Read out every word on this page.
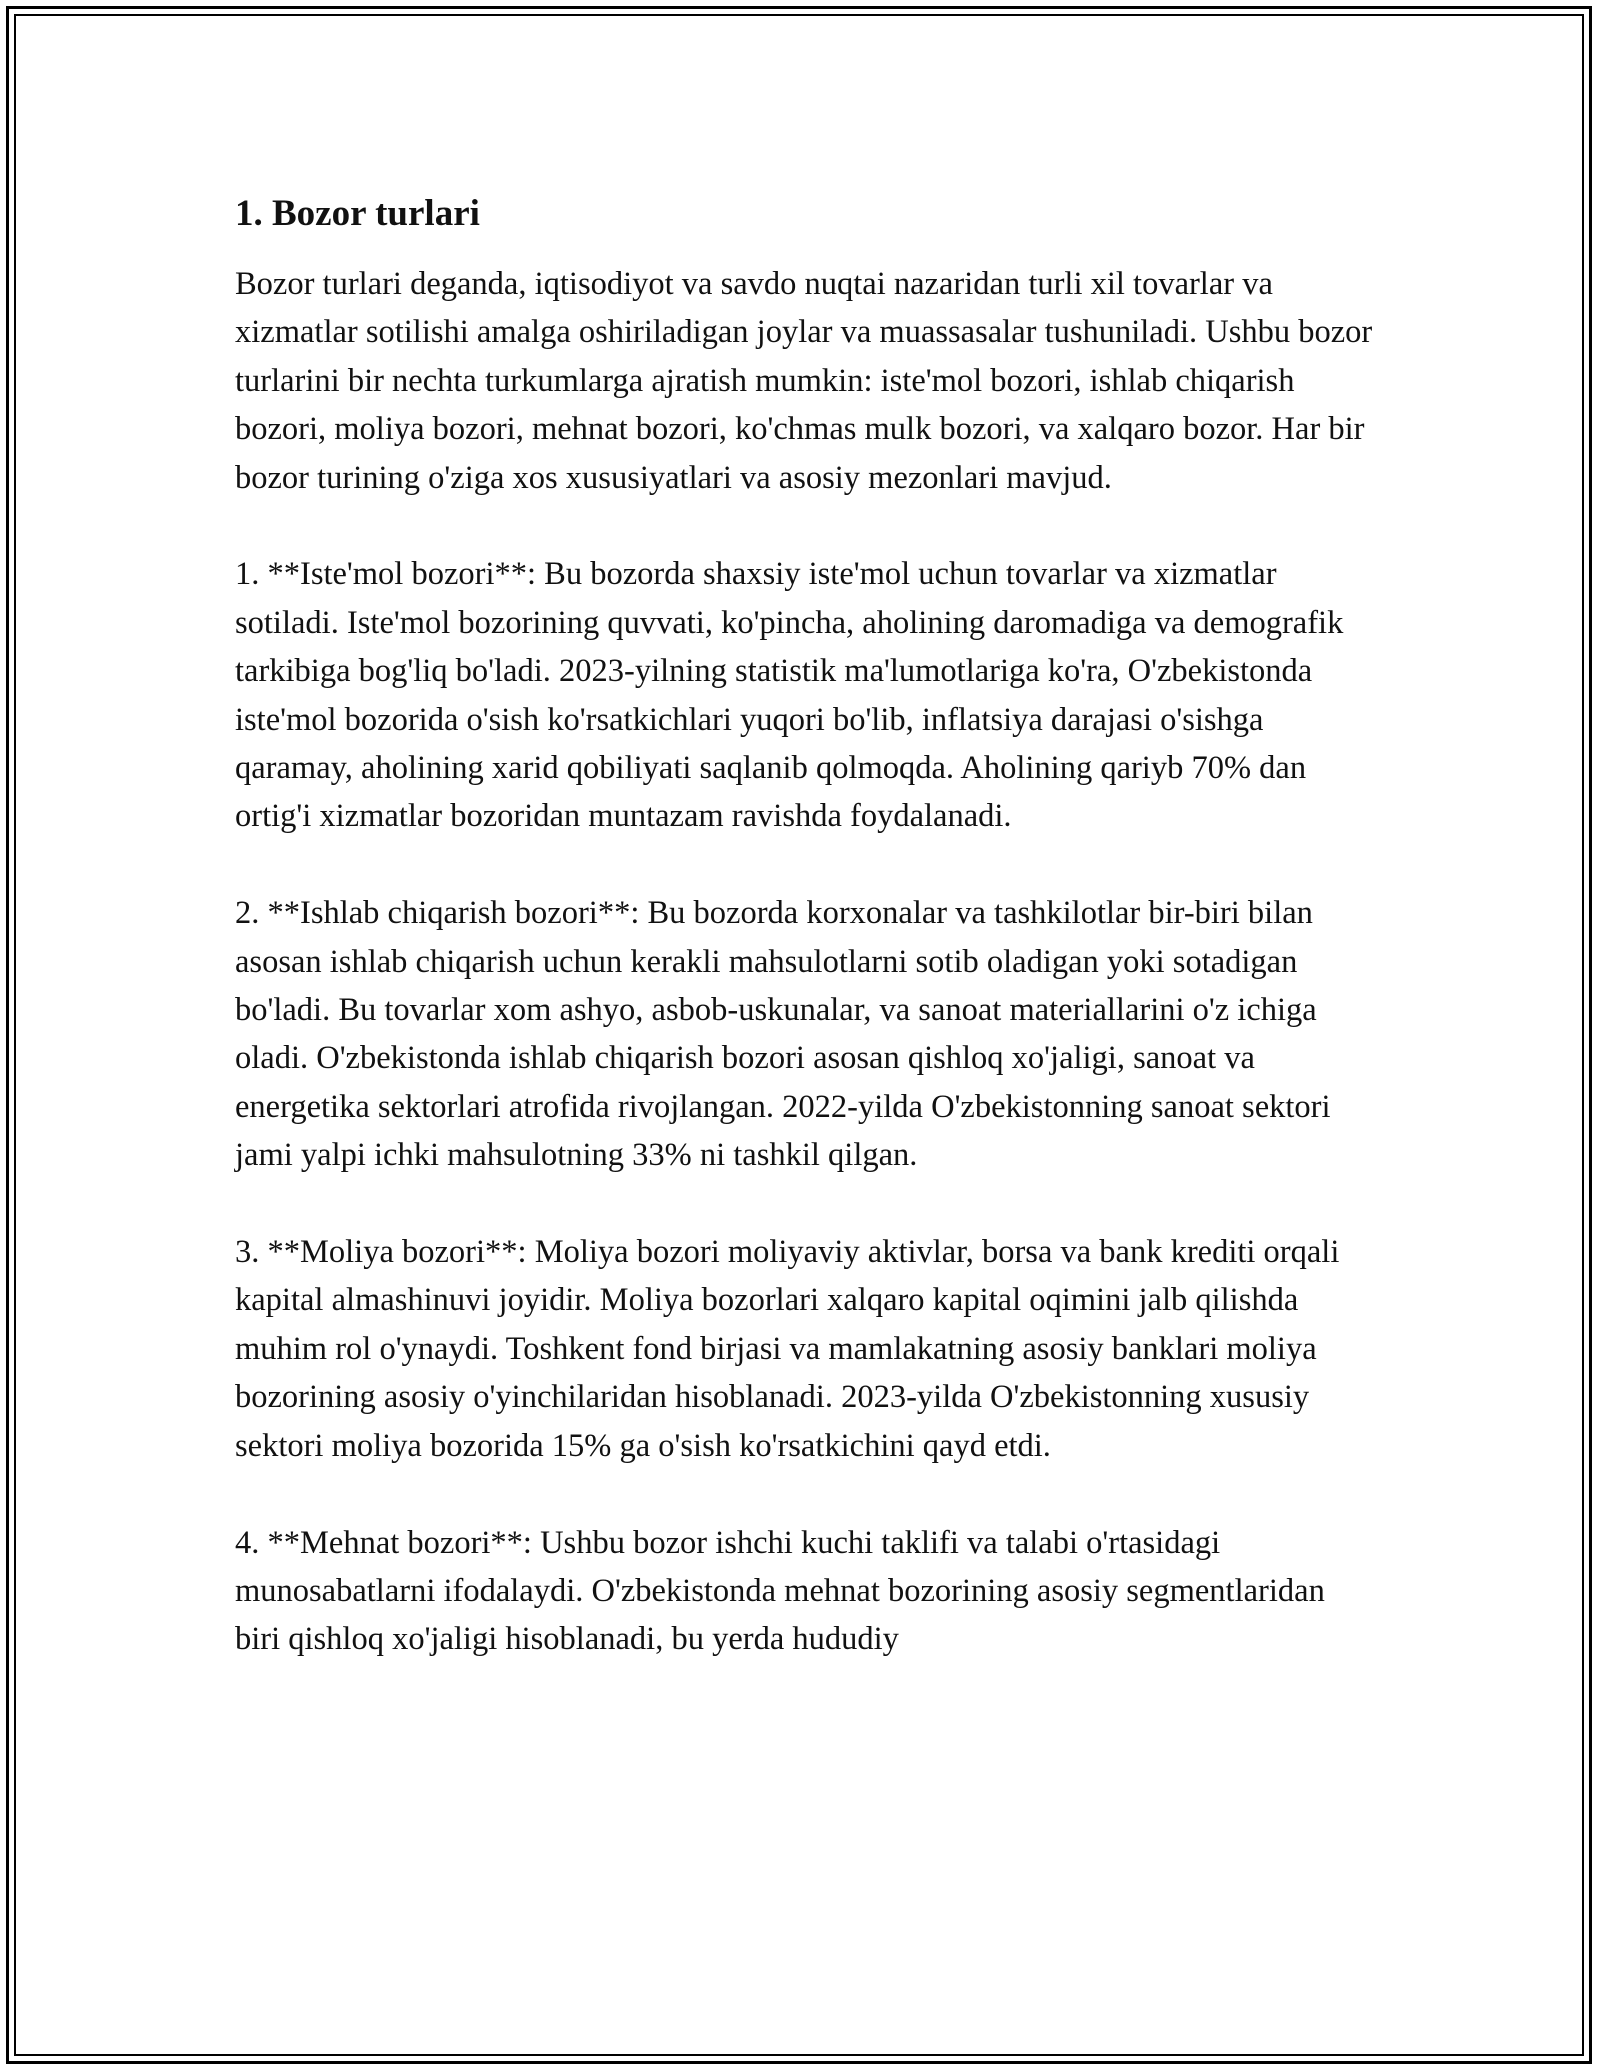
1. Bozor turlari

Bozor turlari deganda, iqtisodiyot va savdo nuqtai nazaridan turli xil tovarlar va xizmatlar sotilishi amalga oshiriladigan joylar va muassasalar tushuniladi. Ushbu bozor turlarini bir nechta turkumlarga ajratish mumkin: iste'mol bozori, ishlab chiqarish bozori, moliya bozori, mehnat bozori, ko'chmas mulk bozori, va xalqaro bozor. Har bir bozor turining o'ziga xos xususiyatlari va asosiy mezonlari mavjud.

1. **Iste'mol bozori**: Bu bozorda shaxsiy iste'mol uchun tovarlar va xizmatlar sotiladi. Iste'mol bozorining quvvati, ko'pincha, aholining daromadiga va demografik tarkibiga bog'liq bo'ladi. 2023-yilning statistik ma'lumotlariga ko'ra, O'zbekistonda iste'mol bozorida o'sish ko'rsatkichlari yuqori bo'lib, inflatsiya darajasi o'sishga qaramay, aholining xarid qobiliyati saqlanib qolmoqda. Aholining qariyb 70% dan ortig'i xizmatlar bozoridan muntazam ravishda foydalanadi.

2. **Ishlab chiqarish bozori**: Bu bozorda korxonalar va tashkilotlar bir-biri bilan asosan ishlab chiqarish uchun kerakli mahsulotlarni sotib oladigan yoki sotadigan bo'ladi. Bu tovarlar xom ashyo, asbob-uskunalar, va sanoat materiallarini o'z ichiga oladi. O'zbekistonda ishlab chiqarish bozori asosan qishloq xo'jaligi, sanoat va energetika sektorlari atrofida rivojlangan. 2022-yilda O'zbekistonning sanoat sektori jami yalpi ichki mahsulotning 33% ni tashkil qilgan.

3. **Moliya bozori**: Moliya bozori moliyaviy aktivlar, borsa va bank krediti orqali kapital almashinuvi joyidir. Moliya bozorlari xalqaro kapital oqimini jalb qilishda muhim rol o'ynaydi. Toshkent fond birjasi va mamlakatning asosiy banklari moliya bozorining asosiy o'yinchilaridan hisoblanadi. 2023-yilda O'zbekistonning xususiy sektori moliya bozorida 15% ga o'sish ko'rsatkichini qayd etdi.

4. **Mehnat bozori**: Ushbu bozor ishchi kuchi taklifi va talabi o'rtasidagi munosabatlarni ifodalaydi. O'zbekistonda mehnat bozorining asosiy segmentlaridan biri qishloq xo'jaligi hisoblanadi, bu yerda hududiy
